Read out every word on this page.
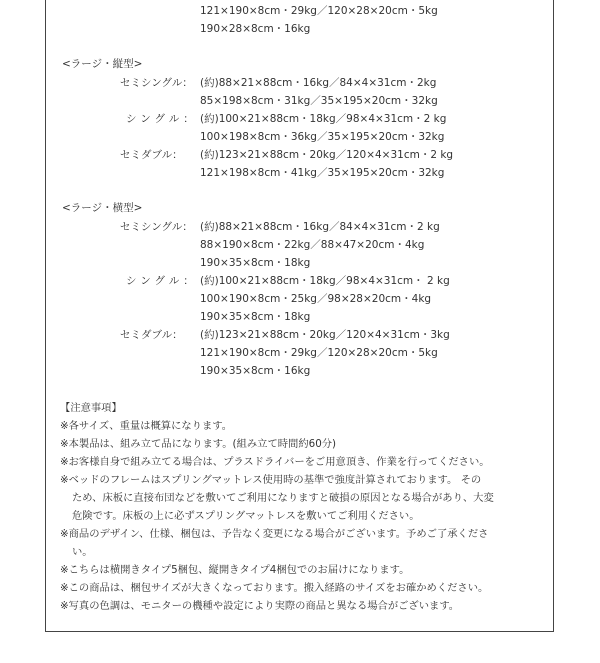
121×190×8cm・29kg／120×28×20cm・5kg
190×28×8cm・16kg
<ラージ・縦型>
セミシングル： (約)88×21×88cm・16kg／84×4×31cm・2kg
85×198×8cm・31kg／35×195×20cm・32kg
シングル： (約)100×21×88cm・18kg／98×4×31cm・2 kg
100×198×8cm・36kg／35×195×20cm・32kg
セミダブル： (約)123×21×88cm・20kg／120×4×31cm・2 kg
121×198×8cm・41kg／35×195×20cm・32kg
<ラージ・横型>
セミシングル： (約)88×21×88cm・16kg／84×4×31cm・2 kg
88×190×8cm・22kg／88×47×20cm・4kg
190×35×8cm・18kg
シングル： (約)100×21×88cm・18kg／98×4×31cm・ 2 kg
100×190×8cm・25kg／98×28×20cm・4kg
190×35×8cm・18kg
セミダブル： (約)123×21×88cm・20kg／120×4×31cm・3kg
121×190×8cm・29kg／120×28×20cm・5kg
190×35×8cm・16kg
【注意事項】
※各サイズ、重量は概算になります。
※本製品は、組み立て品になります。(組み立て時間約60分)
※お客様自身で組み立てる場合は、プラスドライバーをご用意頂き、作業を行ってください。
※ベッドのフレームはスプリングマットレス使用時の基準で強度計算されております。 その
ため、床板に直接布団などを敷いてご利用になりますと破損の原因となる場合があり、大変
危険です。床板の上に必ずスプリングマットレスを敷いてご利用ください。
※商品のデザイン、仕様、梱包は、予告なく変更になる場合がございます。予めご了承くださ
い。
※こちらは横開きタイプ5梱包、縦開きタイプ4梱包でのお届けになります。
※この商品は、梱包サイズが大きくなっております。搬入経路のサイズをお確かめください。
※写真の色調は、モニターの機種や設定により実際の商品と異なる場合がございます。
